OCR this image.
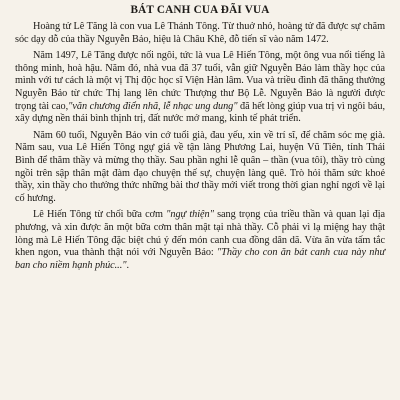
BÁT CANH CUA ĐÃI VUA

Hoàng tử Lê Tăng là con vua Lê Thánh Tông. Từ thuở nhỏ, hoàng tử đã được sự chăm sóc dạy dỗ của thầy Nguyễn Bảo, hiệu là Châu Khê, đỗ tiến sĩ vào năm 1472.

Năm 1497, Lê Tăng được nối ngôi, tức là vua Lê Hiến Tông, một ông vua nổi tiếng là thông minh, hoà hậu. Năm đó, nhà vua đã 37 tuổi, vẫn giữ Nguyễn Bảo làm thầy học của mình với tư cách là một vị Thị độc học sĩ Viện Hàn lâm. Vua và triều đình đã thăng thưởng Nguyễn Bảo từ chức Thị lang lên chức Thượng thư Bộ Lễ. Nguyễn Bảo là người được trọng tài cao,"văn chương điển nhã, lễ nhạc ung dung" đã hết lòng giúp vua trị vì ngôi báu, xây dựng nền thái bình thịnh trị, đất nước mở mang, kinh tế phát triển.

Năm 60 tuổi, Nguyễn Bảo vin cớ tuổi già, đau yếu, xin về trí sĩ, để chăm sóc mẹ già. Năm sau, vua Lê Hiến Tông ngự giá về tận làng Phương Lai, huyện Vũ Tiên, tỉnh Thái Bình để thăm thầy và mừng thọ thầy. Sau phần nghi lễ quân – thần (vua tôi), thầy trò cùng ngồi trên sập thân mật đàm đạo chuyện thế sự, chuyện làng quê. Trò hỏi thăm sức khoẻ thầy, xin thầy cho thưởng thức những bài thơ thầy mới viết trong thời gian nghỉ ngơi về lại cố hương.

Lê Hiến Tông từ chối bữa cơm "ngự thiện" sang trọng của triều thần và quan lại địa phương, và xin được ăn một bữa cơm thân mật tại nhà thầy. Cỗ phải vì lạ miệng hay thật lòng mà Lê Hiến Tông đặc biệt chú ý đến món canh cua đồng dân dã. Vừa ăn vừa tấm tắc khen ngon, vua thành thật nói với Nguyễn Bảo: "Thầy cho con ăn bát canh cua này như ban cho niềm hạnh phúc...".
